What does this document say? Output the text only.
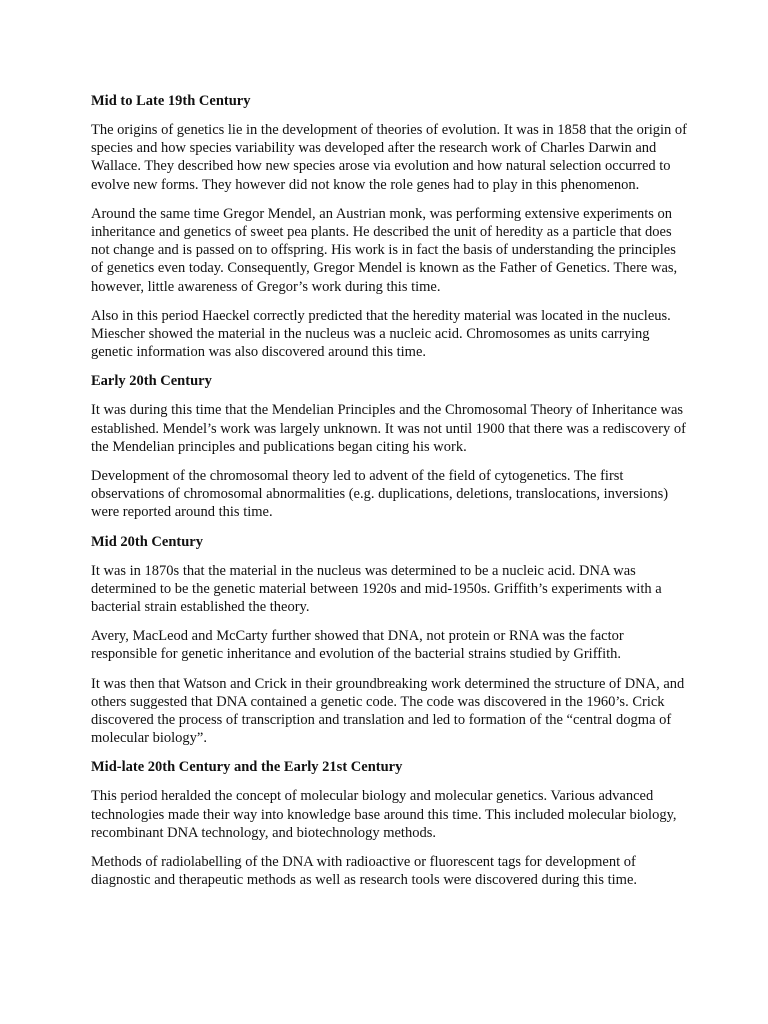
Mid to Late 19th Century

The origins of genetics lie in the development of theories of evolution. It was in 1858 that the origin of species and how species variability was developed after the research work of Charles Darwin and Wallace. They described how new species arose via evolution and how natural selection occurred to evolve new forms. They however did not know the role genes had to play in this phenomenon.

Around the same time Gregor Mendel, an Austrian monk, was performing extensive experiments on inheritance and genetics of sweet pea plants. He described the unit of heredity as a particle that does not change and is passed on to offspring. His work is in fact the basis of understanding the principles of genetics even today. Consequently, Gregor Mendel is known as the Father of Genetics. There was, however, little awareness of Gregor’s work during this time.

Also in this period Haeckel correctly predicted that the heredity material was located in the nucleus. Miescher showed the material in the nucleus was a nucleic acid. Chromosomes as units carrying genetic information was also discovered around this time.

Early 20th Century

It was during this time that the Mendelian Principles and the Chromosomal Theory of Inheritance was established. Mendel’s work was largely unknown. It was not until 1900 that there was a rediscovery of the Mendelian principles and publications began citing his work.

Development of the chromosomal theory led to advent of the field of cytogenetics. The first observations of chromosomal abnormalities (e.g. duplications, deletions, translocations, inversions) were reported around this time.

Mid 20th Century

It was in 1870s that the material in the nucleus was determined to be a nucleic acid. DNA was determined to be the genetic material between 1920s and mid-1950s. Griffith’s experiments with a bacterial strain established the theory.

Avery, MacLeod and McCarty further showed that DNA, not protein or RNA was the factor responsible for genetic inheritance and evolution of the bacterial strains studied by Griffith.

It was then that Watson and Crick in their groundbreaking work determined the structure of DNA, and others suggested that DNA contained a genetic code. The code was discovered in the 1960’s. Crick discovered the process of transcription and translation and led to formation of the “central dogma of molecular biology”.

Mid-late 20th Century and the Early 21st Century

This period heralded the concept of molecular biology and molecular genetics. Various advanced technologies made their way into knowledge base around this time. This included molecular biology, recombinant DNA technology, and biotechnology methods.

Methods of radiolabelling of the DNA with radioactive or fluorescent tags for development of diagnostic and therapeutic methods as well as research tools were discovered during this time.
